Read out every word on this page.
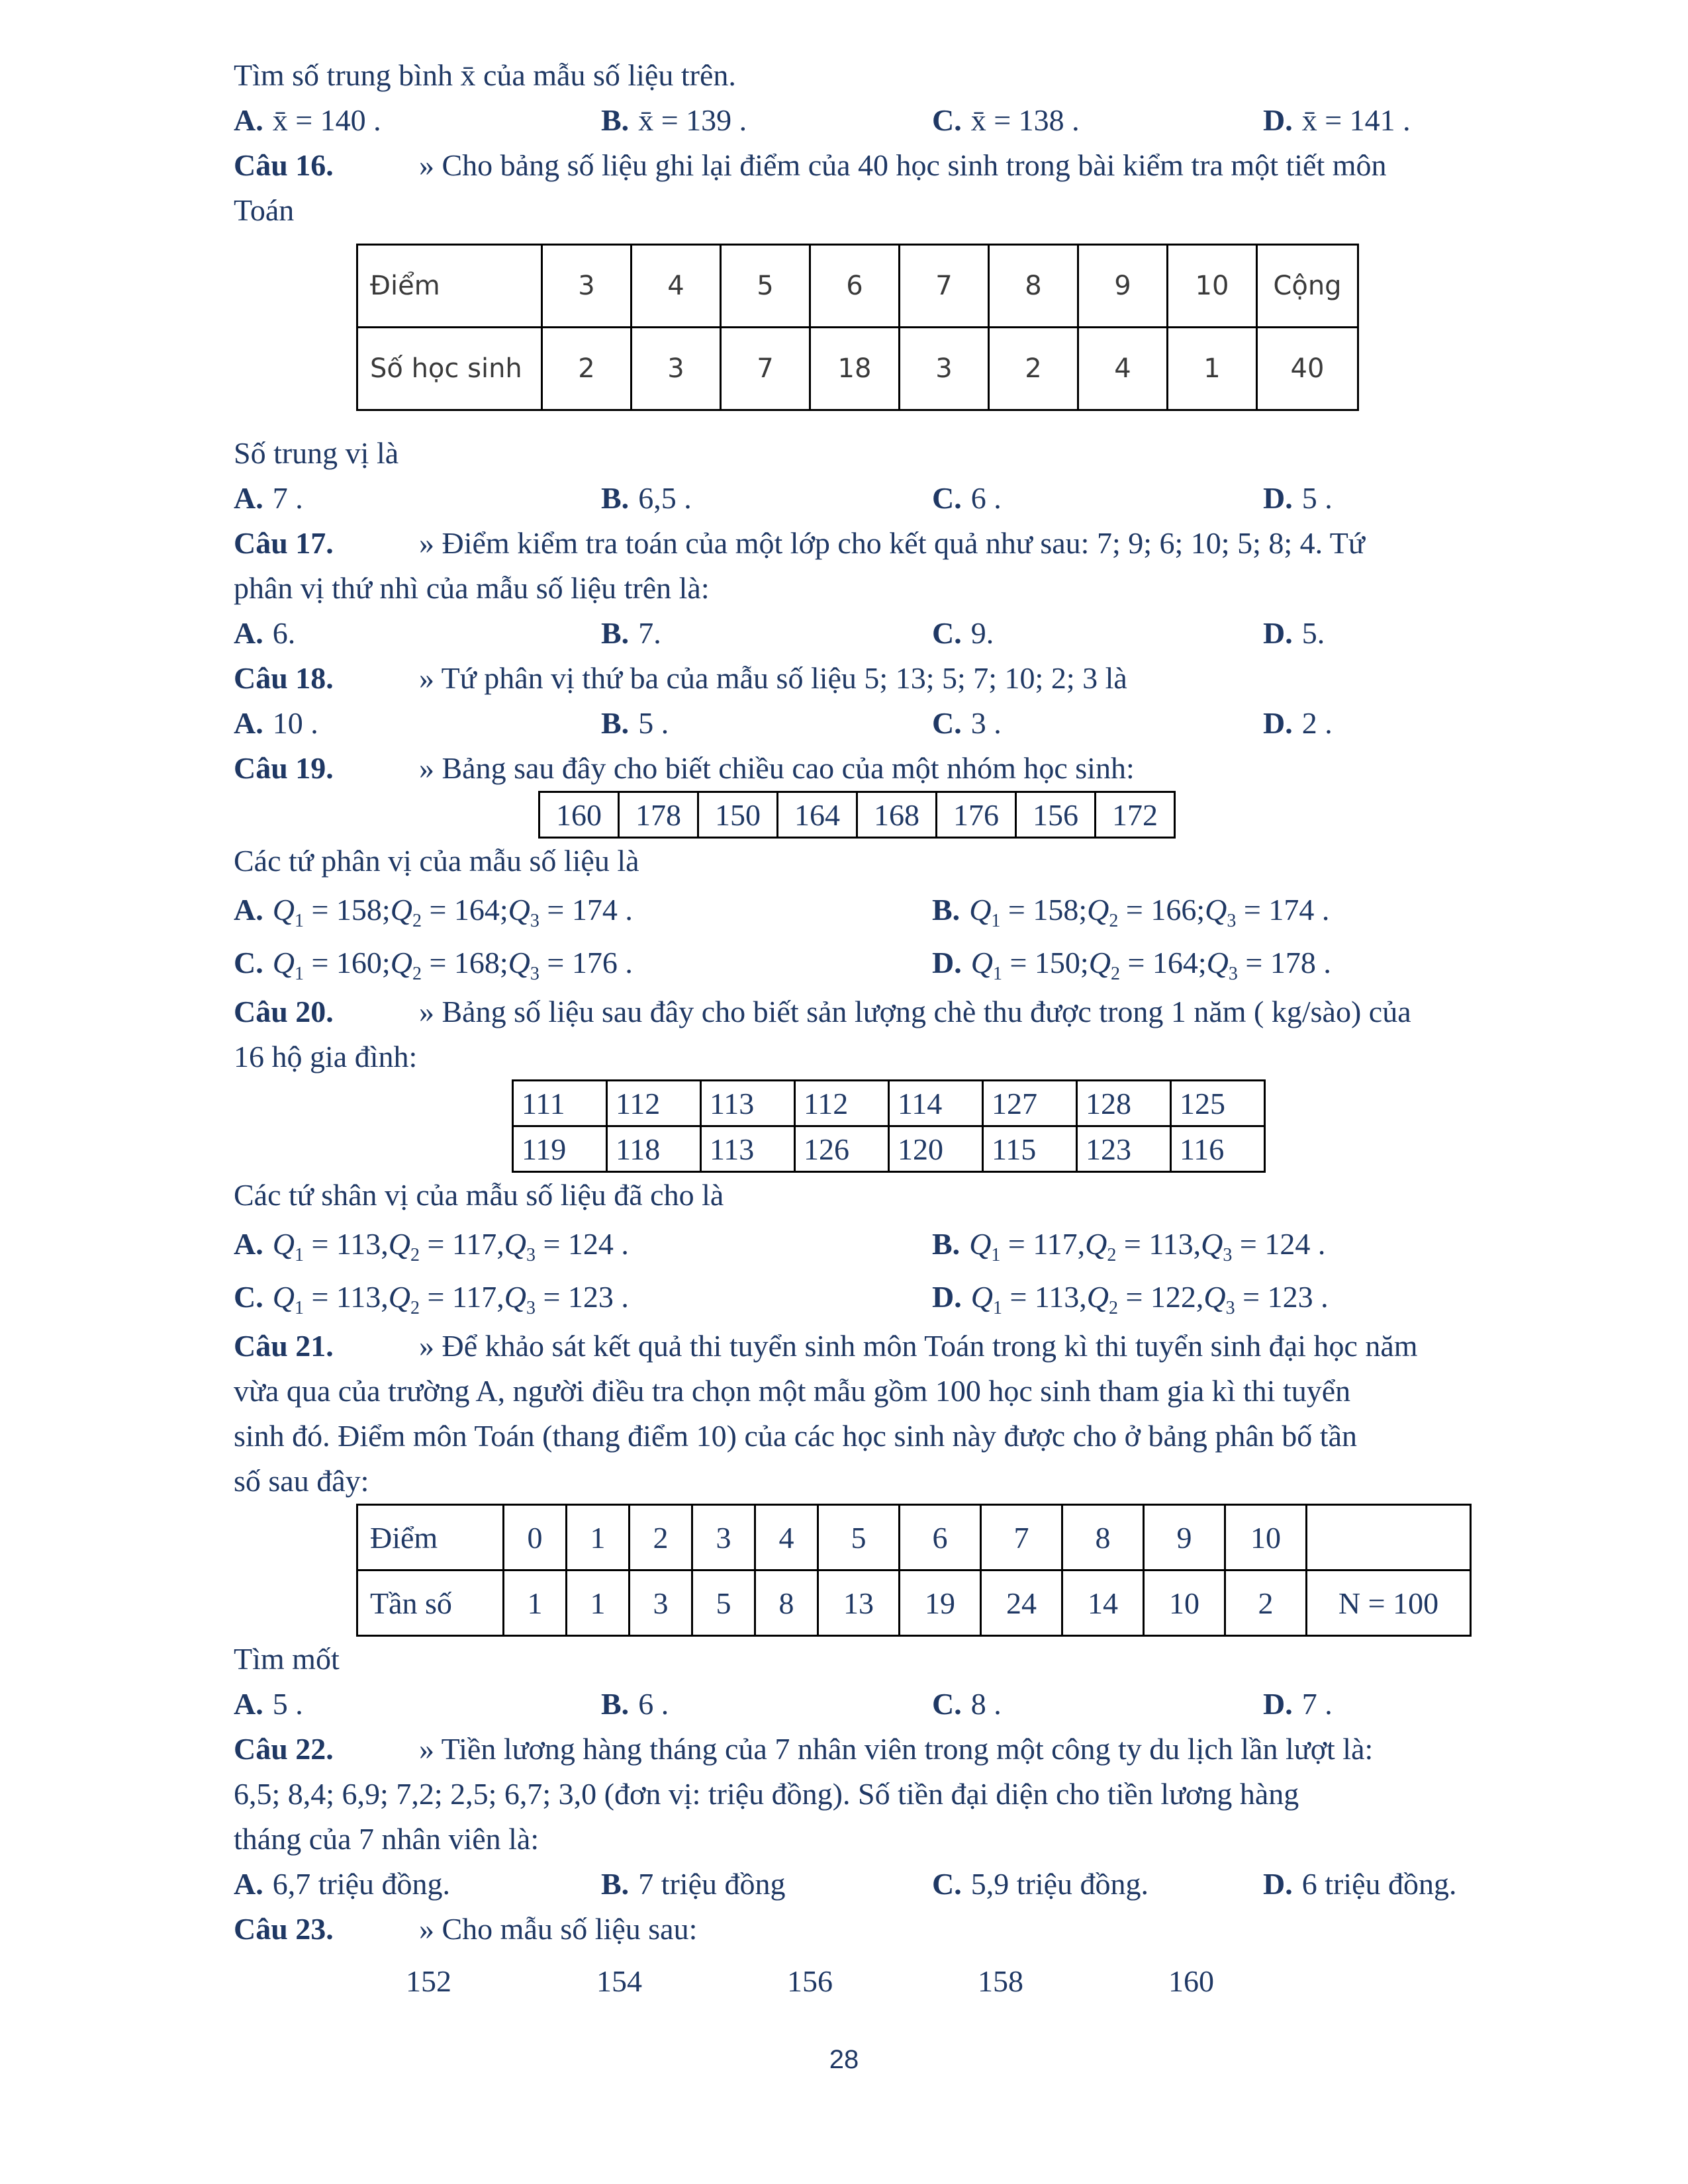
Tìm số trung bình x̄ của mẫu số liệu trên.
A. x̄ = 140 .	B. x̄ = 139 .	C. x̄ = 138 .	D. x̄ = 141 .
Câu 16.	» Cho bảng số liệu ghi lại điểm của 40 học sinh trong bài kiểm tra một tiết môn
Toán
Điểm	3	4	5	6	7	8	9	10	Cộng
Số học sinh	2	3	7	18	3	2	4	1	40
Số trung vị là
A. 7 .	B. 6,5 .	C. 6 .	D. 5 .
Câu 17.	» Điểm kiểm tra toán của một lớp cho kết quả như sau: 7; 9; 6; 10; 5; 8; 4. Tứ
phân vị thứ nhì của mẫu số liệu trên là:
A. 6.	B. 7.	C. 9.	D. 5.
Câu 18.	» Tứ phân vị thứ ba của mẫu số liệu 5; 13; 5; 7; 10; 2; 3 là
A. 10 .	B. 5 .	C. 3 .	D. 2 .
Câu 19.	» Bảng sau đây cho biết chiều cao của một nhóm học sinh:
160	178	150	164	168	176	156	172
Các tứ phân vị của mẫu số liệu là
A. $Q_1$ = $158;Q_2$ = $164;Q_3 = 174$ .	B. $Q_1$ = $158;Q_2$ = $166;Q_3 = 174$ .
C. $Q_1$ = $160;Q_2$ = $168;Q_3 = 176$ .	D. $Q_1$ = $150;Q_2$ = $164;Q_3 = 178$ .
Câu 20.	» Bảng số liệu sau đây cho biết sản lượng chè thu được trong 1 năm ( kg/sào) của
16 hộ gia đình:
111	112	113	112	114	127	128	125
119	118	113	126	120	115	123	116
Các tứ shân vị của mẫu số liệu đã cho là
A. $Q_1 = 113,Q_2 = 117,Q_3 = 124$ .	B. $Q_1 = 117,Q_2 = 113,Q_3 = 124$ .
C. $Q_1 = 113,Q_2 = 117,Q_3 = 123$ .	D. $Q_1 = 113,Q_2 = 122,Q_3 = 123$ .
Câu 21.	» Để khảo sát kết quả thi tuyển sinh môn Toán trong kì thi tuyển sinh đại học năm
vừa qua của trường A, người điều tra chọn một mẫu gồm 100 học sinh tham gia kì thi tuyển
sinh đó. Điểm môn Toán (thang điểm 10) của các học sinh này được cho ở bảng phân bố tần
số sau đây:
Điểm	0	1	2	3	4	5	6	7	8	9	10	
Tần số	1	1	3	5	8	13	19	24	14	10	2	N = 100
Tìm mốt
A. 5 .	B. 6 .	C. 8 .	D. 7 .
Câu 22.	» Tiền lương hàng tháng của 7 nhân viên trong một công ty du lịch lần lượt là:
6,5; 8,4; 6,9; 7,2; 2,5; 6,7; 3,0 (đơn vị: triệu đồng). Số tiền đại diện cho tiền lương hàng
tháng của 7 nhân viên là:
A. 6,7 triệu đồng.	B. 7 triệu đồng	C. 5,9 triệu đồng.	D. 6 triệu đồng.
Câu 23.	» Cho mẫu số liệu sau:
152	154	156	158	160
28
